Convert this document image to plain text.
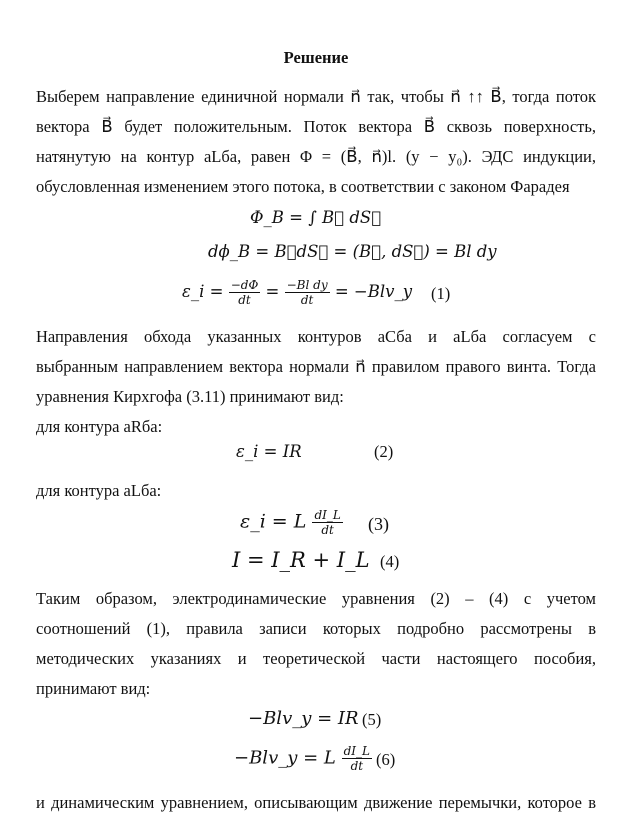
Решение
Выберем направление единичной нормали n⃗ так, чтобы n⃗ ↑↑ B⃗, тогда поток
вектора B⃗ будет положительным. Поток вектора B⃗ сквозь поверхность,
натянутую на контур aLба, равен Φ = (B⃗, n⃗)l. (y − y₀). ЭДС индукции,
обусловленная изменением этого потока, в соответствии с законом Фарадея
Φ_B = ∫ B⃗ dS⃗
dϕ_B = B⃗dS⃗ = (B⃗, dS⃗) = Bl dy
ε_i = $\frac{-d\Phi}{dt} = \frac{\text{−Bl dy}}{dt}$ = −Blv_y (1)
Направления обхода указанных контуров aСба и aLба согласуем с
выбранным направлением вектора нормали n⃗ правилом правого винта. Тогда
уравнения Кирхгофа (3.11) принимают вид:
для контура aRба:
ε_i = IR	(2)
для контура aLба:
ε_i = L $\frac{dI\_L}{dt} (3)$
I = I_R + I_L (4)
Таким образом, электродинамические уравнения (2) – (4) с учетом
соотношений (1), правила записи которых подробно рассмотрены в
методических указаниях и теоретической части настоящего пособия,
принимают вид:
−Blv_y = IR (5)
−Blv_y = L $\frac{dI\_L}{dt} (6)$
и динамическим уравнением, описывающим движение перемычки, которое в
